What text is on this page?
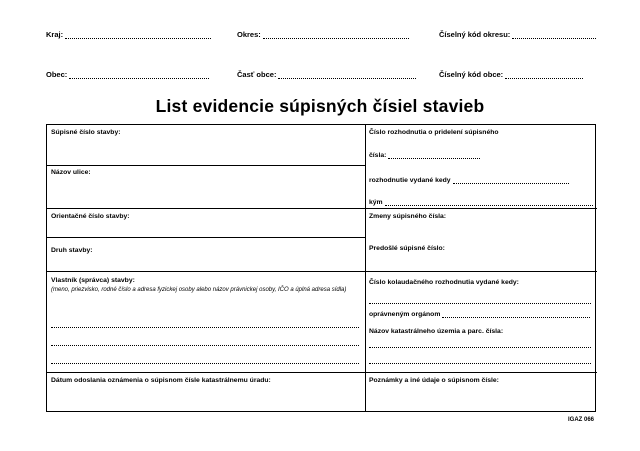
Kraj:	Okres:	Číselný kód okresu:
Obec:	Časť obce:	Číselný kód obce:
List evidencie súpisných čísiel stavieb
Súpisné číslo stavby:
Názov ulice:
Orientačné číslo stavby:
Druh stavby:
Vlastník (správca) stavby:
(meno, priezvisko, rodné číslo a adresa fyzickej osoby alebo názov právnickej osoby, IČO a úplná adresa sídla)
Dátum odoslania oznámenia o súpisnom čísle katastrálnemu úradu:
Číslo rozhodnutia o pridelení súpisného
čísla:
rozhodnutie vydané kedy
kým
Zmeny súpisného čísla:
Predošlé súpisné číslo:
Číslo kolaudačného rozhodnutia vydané kedy:
oprávneným orgánom
Názov katastrálneho územia a parc. čísla:
Poznámky a iné údaje o súpisnom čísle:
IGAZ 066
